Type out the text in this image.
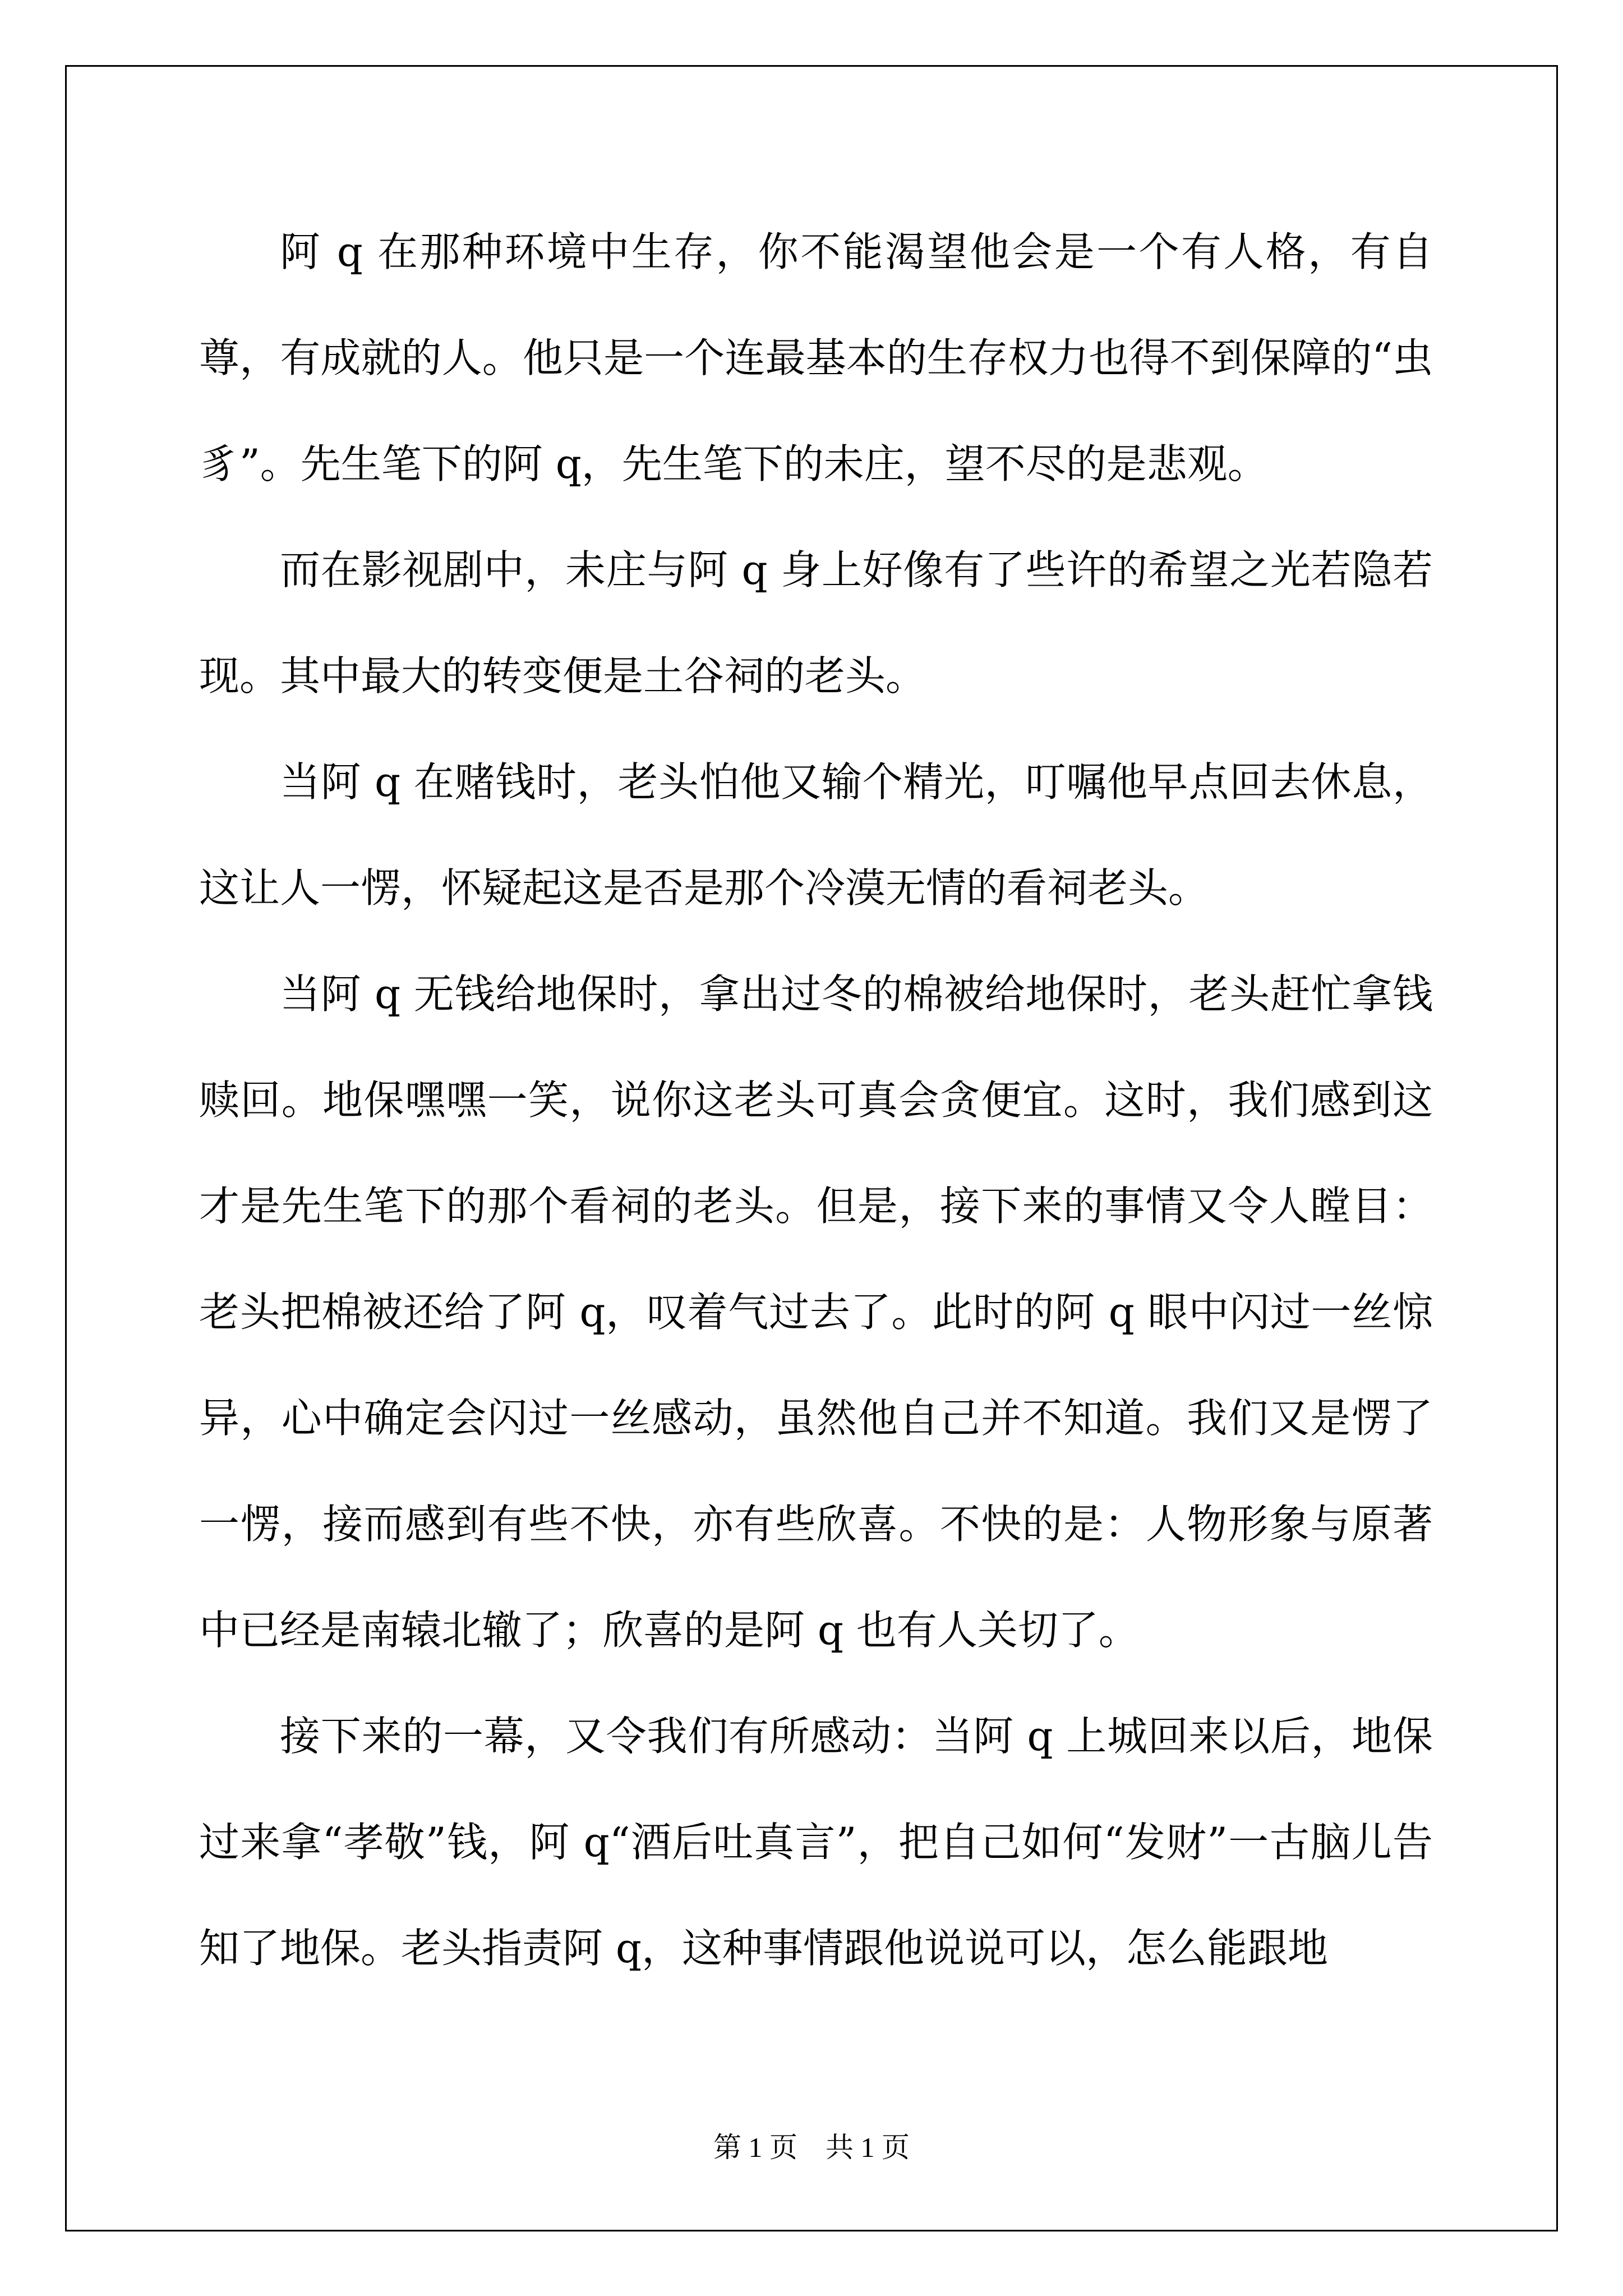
阿 q 在那种环境中生存，你不能渴望他会是一个有人格，有自尊，有成就的人。他只是一个连最基本的生存权力也得不到保障的“虫豸”。先生笔下的阿 q，先生笔下的未庄，望不尽的是悲观。

而在影视剧中，未庄与阿 q 身上好像有了些许的希望之光若隐若现。其中最大的转变便是土谷祠的老头。

当阿 q 在赌钱时，老头怕他又输个精光，叮嘱他早点回去休息，这让人一愣，怀疑起这是否是那个冷漠无情的看祠老头。

当阿 q 无钱给地保时，拿出过冬的棉被给地保时，老头赶忙拿钱赎回。地保嘿嘿一笑，说你这老头可真会贪便宜。这时，我们感到这才是先生笔下的那个看祠的老头。但是，接下来的事情又令人瞠目：老头把棉被还给了阿 q，叹着气过去了。此时的阿 q 眼中闪过一丝惊异，心中确定会闪过一丝感动，虽然他自己并不知道。我们又是愣了一愣，接而感到有些不快，亦有些欣喜。不快的是：人物形象与原著中已经是南辕北辙了；欣喜的是阿 q 也有人关切了。

接下来的一幕，又令我们有所感动：当阿 q 上城回来以后，地保过来拿“孝敬”钱，阿 q“酒后吐真言”，把自己如何“发财”一古脑儿告知了地保。老头指责阿 q，这种事情跟他说说可以，怎么能跟地

第 1 页 共 1 页
